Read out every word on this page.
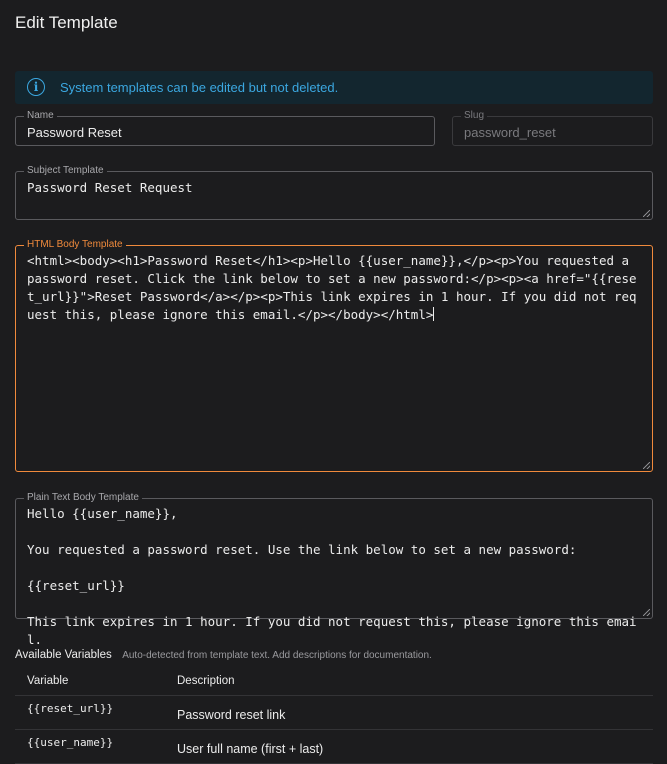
Edit Template
i	System templates can be edited but not deleted.
Name
Password Reset
Slug
password_reset
Subject Template
Password Reset Request
HTML Body Template
<html><body><h1>Password Reset</h1><p>Hello {{user_name}},</p><p>You requested a password reset. Click the link below to set a new password:</p><p><a href="{{reset_url}}">Reset Password</a></p><p>This link expires in 1 hour. If you did not request this, please ignore this email.</p></body></html>
Plain Text Body Template
Hello {{user_name}},

You requested a password reset. Use the link below to set a new password:

{{reset_url}}

This link expires in 1 hour. If you did not request this, please ignore this email.
Available Variables Auto-detected from template text. Add descriptions for documentation.
Variable	Description
{{reset_url}}	Password reset link
{{user_name}}	User full name (first + last)
